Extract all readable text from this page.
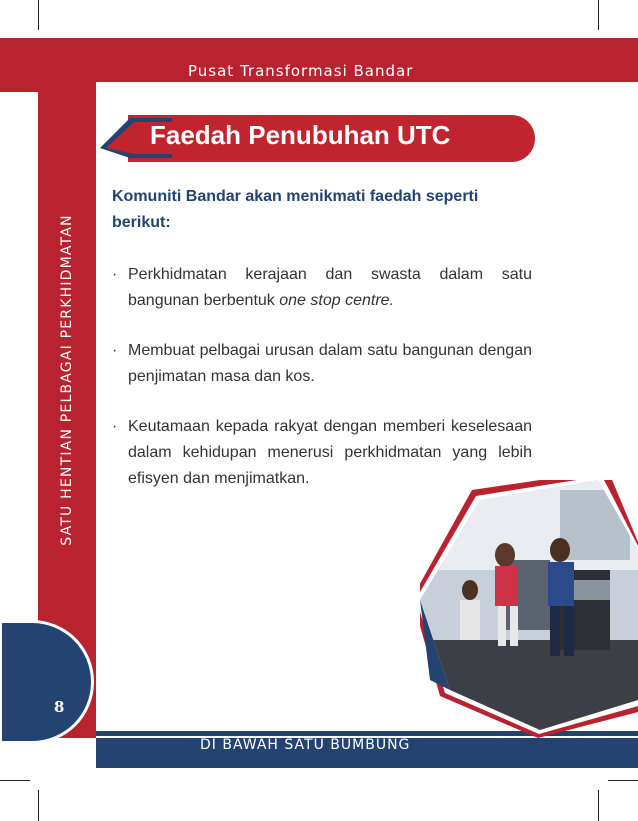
Pusat Transformasi Bandar
SATU HENTIAN PELBAGAI PERKHIDMATAN
DI BAWAH SATU BUMBUNG
8
Faedah Penubuhan UTC
Komuniti Bandar akan menikmati faedah seperti berikut:
· Perkhidmatan kerajaan dan swasta dalam satu bangunan berbentuk one stop centre.
· Membuat pelbagai urusan dalam satu bangunan dengan penjimatan masa dan kos.
· Keutamaan kepada rakyat dengan memberi keselesaan dalam kehidupan menerusi perkhidmatan yang lebih efisyen dan menjimatkan.
